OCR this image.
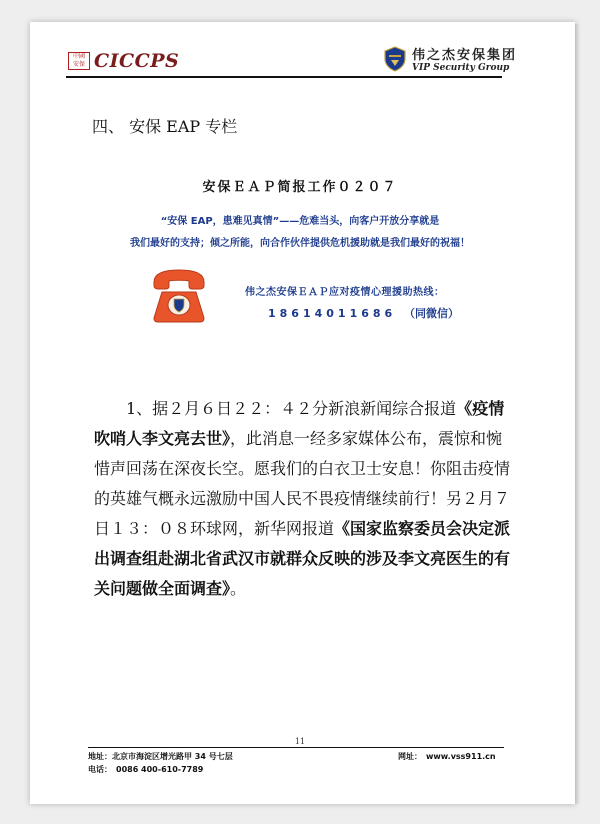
中國
安保 CICCPS	伟之杰安保集团
VIP Security Group
四、 安保 EAP 专栏
安保ＥＡＰ简报工作０２０７
“安保 EAP，患难见真情”——危难当头，向客户开放分享就是
我们最好的支持；倾之所能，向合作伙伴提供危机援助就是我们最好的祝福！
伟之杰安保ＥＡＰ应对疫情心理援助热线：
18614011686 （同微信）
　　1、据２月６日２２：４２分新浪新闻综合报道《疫情吹哨人李文亮去世》，此消息一经多家媒体公布，震惊和惋惜声回荡在深夜长空。愿我们的白衣卫士安息！你阻击疫情的英雄气概永远激励中国人民不畏疫情继续前行！另２月７日１３：０８环球网，新华网报道《国家监察委员会决定派出调查组赴湖北省武汉市就群众反映的涉及李文亮医生的有关问题做全面调查》。
11
地址：北京市海淀区增光路甲 34 号七层
电话：　0086 400-610-7789
网址：　www.vss911.cn
